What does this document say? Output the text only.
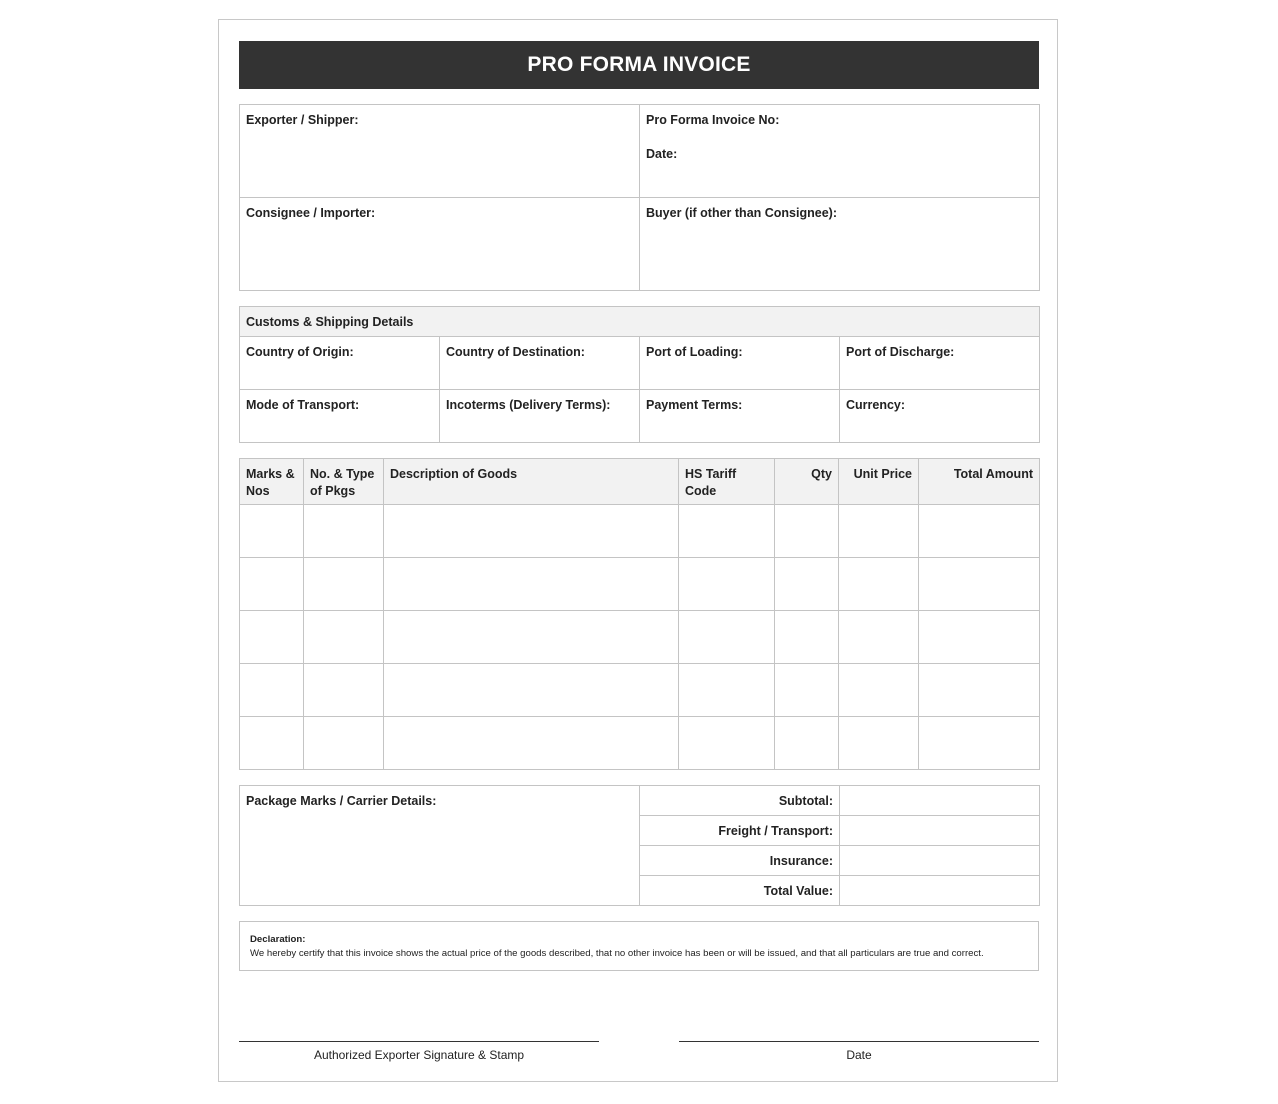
PRO FORMA INVOICE
Exporter / Shipper:	Pro Forma Invoice No:
Date:

Consignee / Importer:	Buyer (if other than Consignee):
Customs & Shipping Details			

Country of Origin:	Country of Destination:	Port of Loading:	Port of Discharge:

Mode of Transport:	Incoterms (Delivery Terms):	Payment Terms:	Currency:
Marks & Nos	No. & Type of Pkgs	Description of Goods	HS Tariff Code	Qty	Unit Price	Total Amount

Package Marks / Carrier Details:	Subtotal:	

	Freight / Transport:	

	Insurance:	

	Total Value:	

Declaration:
We hereby certify that this invoice shows the actual price of the goods described, that no other invoice has been or will be issued, and that all particulars are true and correct.
Authorized Exporter Signature & Stamp	Date
